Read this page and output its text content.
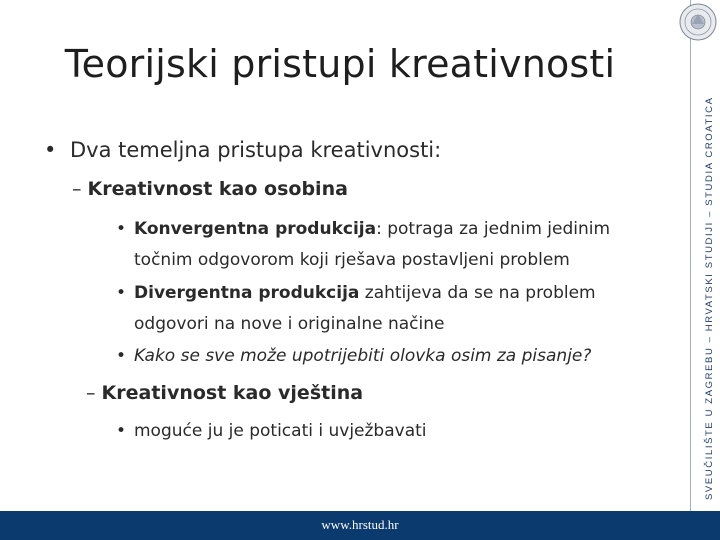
Teorijski pristupi kreativnosti
• Dva temeljna pristupa kreativnosti:
– Kreativnost kao osobina
• Konvergentna produkcija: potraga za jednim jedinim
točnim odgovorom koji rješava postavljeni problem
• Divergentna produkcija zahtijeva da se na problem
odgovori na nove i originalne načine
• Kako se sve može upotrijebiti olovka osim za pisanje?
– Kreativnost kao vještina
• moguće ju je poticati i uvježbavati	SVEUČILIŠTE U ZAGREBU – HRVATSKI STUDIJI – STUDIA CROATICA
www.hrstud.hr
